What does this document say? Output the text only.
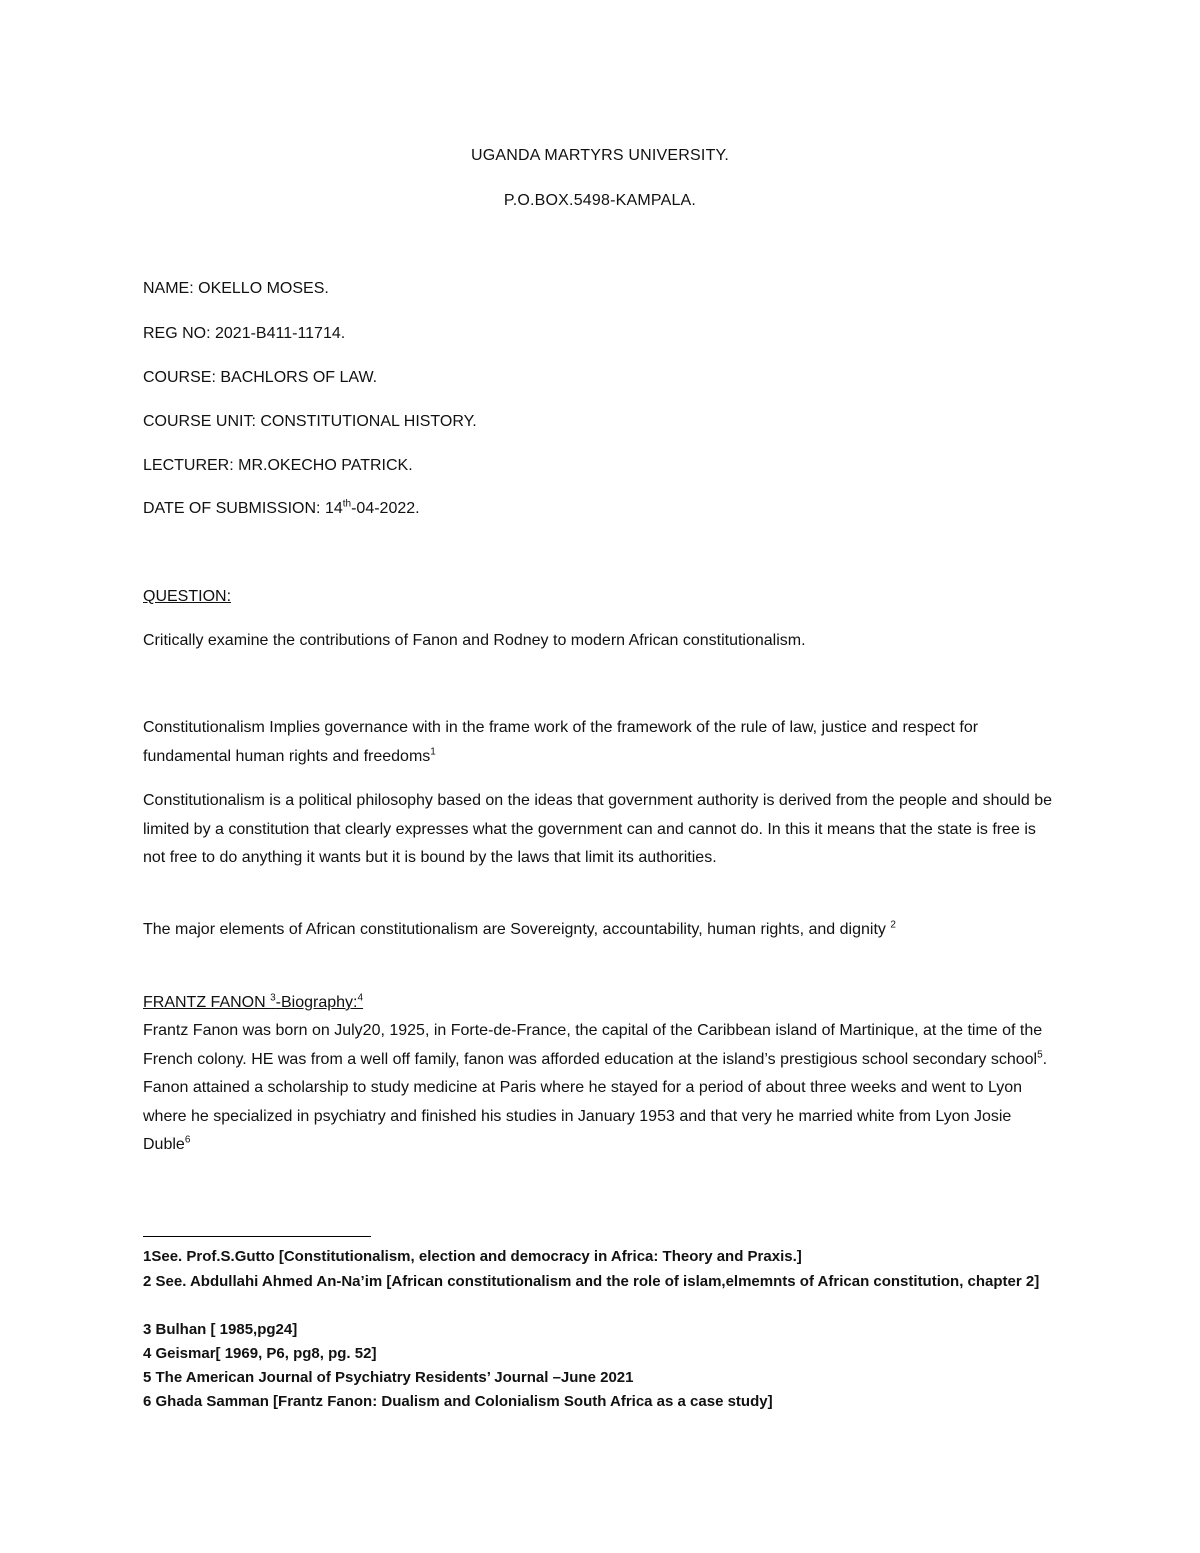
UGANDA MARTYRS UNIVERSITY.
P.O.BOX.5498-KAMPALA.
NAME: OKELLO MOSES.
REG NO: 2021-B411-11714.
COURSE: BACHLORS OF LAW.
COURSE UNIT: CONSTITUTIONAL HISTORY.
LECTURER: MR.OKECHO PATRICK.
DATE OF SUBMISSION: 14th-04-2022.
QUESTION:
Critically examine the contributions of Fanon and Rodney to modern African constitutionalism.
Constitutionalism Implies governance with in the frame work of the framework of the rule of law, justice and respect for fundamental human rights and freedoms$^1$
Constitutionalism is a political philosophy based on the ideas that government authority is derived from the people and should be limited by a constitution that clearly expresses what the government can and cannot do. In this it means that the state is free is not free to do anything it wants but it is bound by the laws that limit its authorities.
The major elements of African constitutionalism are Sovereignty, accountability, human rights, and dignity $^2$
FRANTZ FANON $^3$-Biography:$^4$
Frantz Fanon was born on July20, 1925, in Forte-de-France, the capital of the Caribbean island of Martinique, at the time of the French colony. HE was from a well off family, fanon was afforded education at the island’s prestigious school secondary school$^5$. Fanon attained a scholarship to study medicine at Paris where he stayed for a period of about three weeks and went to Lyon where he specialized in psychiatry and finished his studies in January 1953 and that very he married white from Lyon Josie Duble$^6$
1See. Prof.S.Gutto [Constitutionalism, election and democracy in Africa: Theory and Praxis.]
2 See. Abdullahi Ahmed An-Na’im [African constitutionalism and the role of islam,elmemnts of African constitution, chapter 2]
3 Bulhan [ 1985,pg24]
4 Geismar[ 1969, P6, pg8, pg. 52]
5 The American Journal of Psychiatry Residents’ Journal –June 2021
6 Ghada Samman [Frantz Fanon: Dualism and Colonialism South Africa as a case study]
